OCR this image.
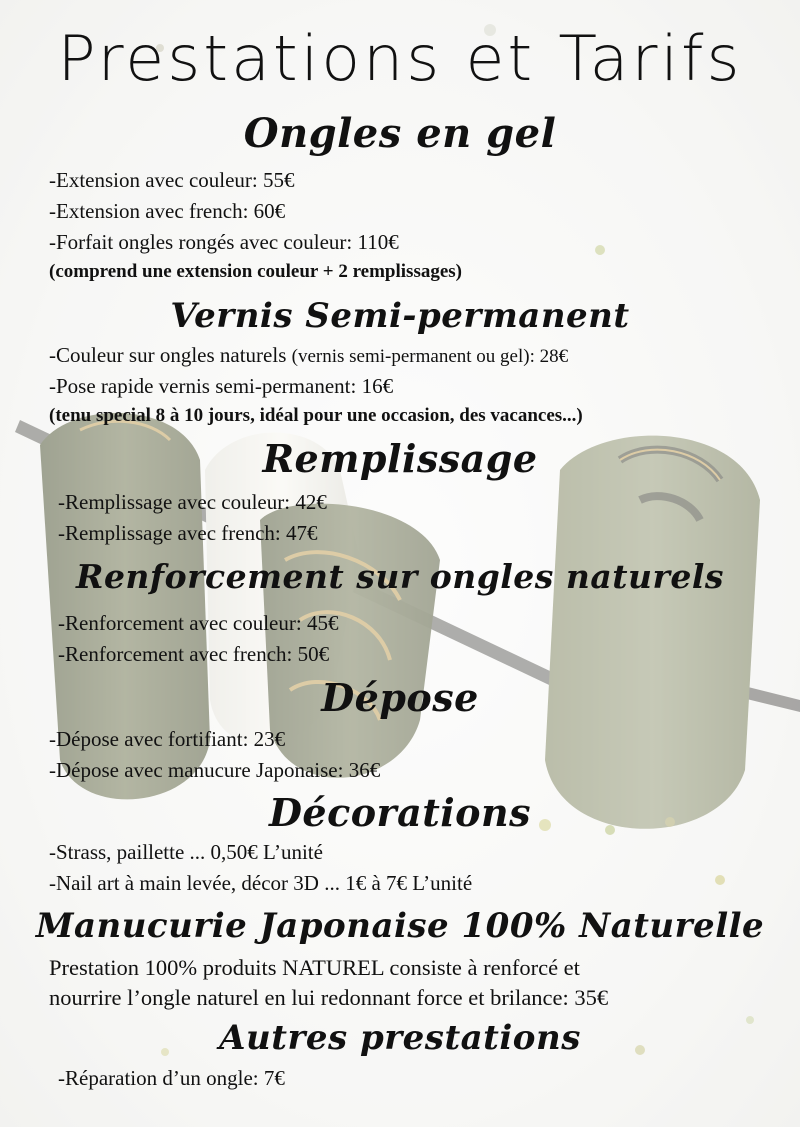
Prestations et Tarifs
Ongles en gel
-Extension avec couleur: 55€
-Extension avec french: 60€
-Forfait ongles rongés avec couleur: 110€
(comprend une extension couleur + 2 remplissages)
Vernis Semi-permanent
-Couleur sur ongles naturels (vernis semi-permanent ou gel): 28€
-Pose rapide vernis semi-permanent: 16€
(tenu special 8 à 10 jours, idéal pour une occasion, des vacances...)
Remplissage
-Remplissage avec couleur: 42€
-Remplissage avec french: 47€
Renforcement sur ongles naturels
-Renforcement avec couleur: 45€
-Renforcement avec french: 50€
Dépose
-Dépose avec fortifiant: 23€
-Dépose avec manucure Japonaise: 36€
Décorations
-Strass, paillette ... 0,50€ L’unité
-Nail art à main levée, décor 3D ... 1€ à 7€ L’unité
Manucurie Japonaise 100% Naturelle
Prestation 100% produits NATUREL consiste à renforcé et
nourrire l’ongle naturel en lui redonnant force et brilance: 35€
Autres prestations
-Réparation d’un ongle: 7€
